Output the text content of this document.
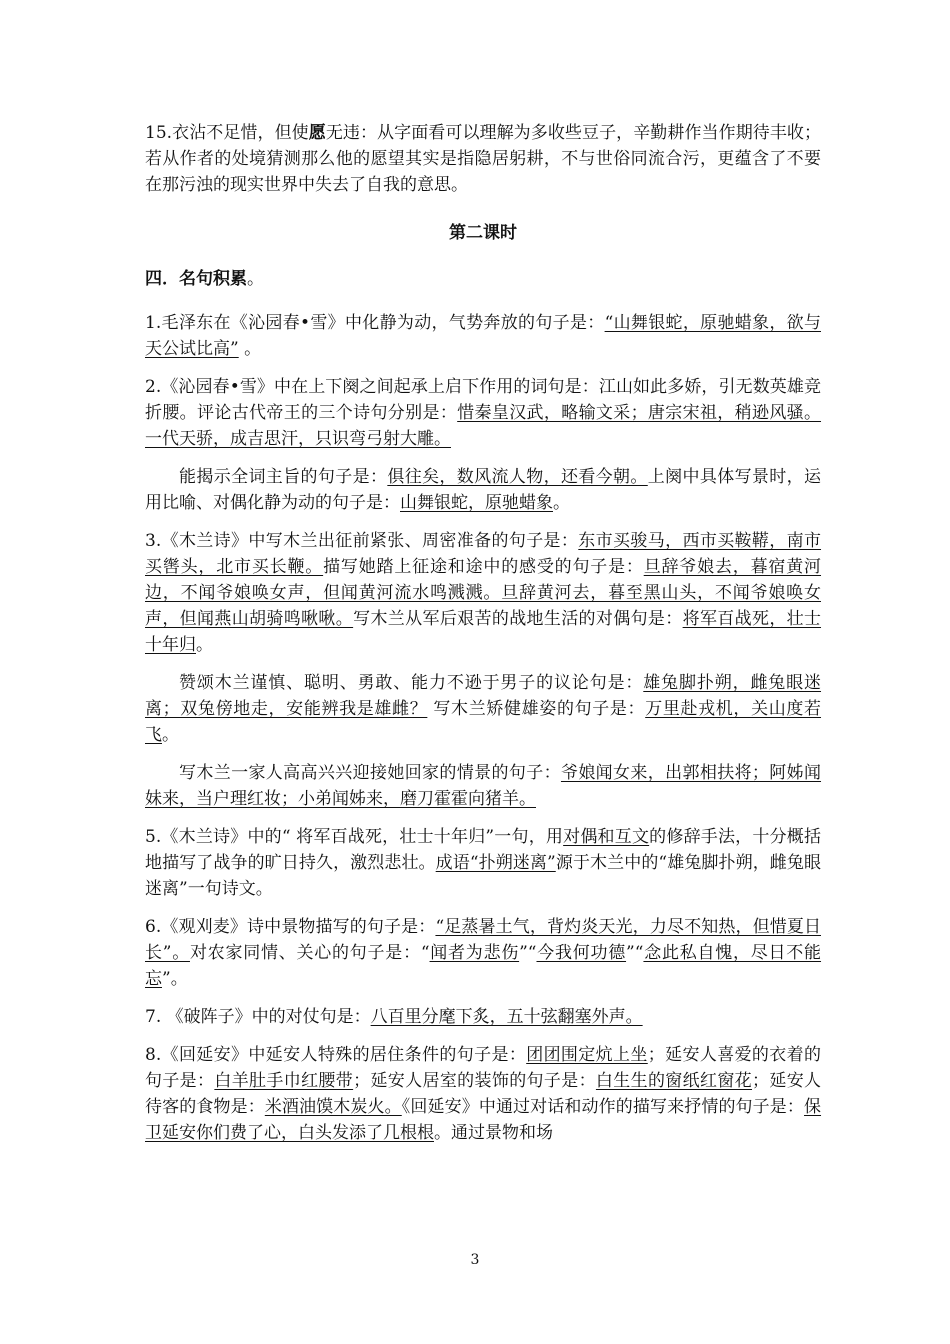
15.衣沾不足惜，但使愿无违：从字面看可以理解为多收些豆子，辛勤耕作当作期待丰收；若从作者的处境猜测那么他的愿望其实是指隐居躬耕，不与世俗同流合污，更蕴含了不要在那污浊的现实世界中失去了自我的意思。

第二课时

四．名句积累。

1.毛泽东在《沁园春•雪》中化静为动，气势奔放的句子是：“山舞银蛇，原驰蜡象，欲与天公试比高” 。

2.《沁园春•雪》中在上下阕之间起承上启下作用的词句是：江山如此多娇，引无数英雄竞折腰。评论古代帝王的三个诗句分别是：惜秦皇汉武，略输文采；唐宗宋祖，稍逊风骚。一代天骄，成吉思汗，只识弯弓射大雕。

能揭示全词主旨的句子是：俱往矣，数风流人物，还看今朝。上阕中具体写景时，运用比喻、对偶化静为动的句子是：山舞银蛇，原驰蜡象。

3.《木兰诗》中写木兰出征前紧张、周密准备的句子是：东市买骏马，西市买鞍鞯，南市买辔头，北市买长鞭。描写她踏上征途和途中的感受的句子是：旦辞爷娘去，暮宿黄河边，不闻爷娘唤女声，但闻黄河流水鸣溅溅。旦辞黄河去，暮至黑山头，不闻爷娘唤女声，但闻燕山胡骑鸣啾啾。写木兰从军后艰苦的战地生活的对偶句是：将军百战死，壮士十年归。

赞颂木兰谨慎、聪明、勇敢、能力不逊于男子的议论句是：雄兔脚扑朔，雌兔眼迷离；双兔傍地走，安能辨我是雄雌？ 写木兰矫健雄姿的句子是：万里赴戎机，关山度若飞。

写木兰一家人高高兴兴迎接她回家的情景的句子：爷娘闻女来，出郭相扶将；阿姊闻妹来，当户理红妆；小弟闻姊来，磨刀霍霍向猪羊。

5.《木兰诗》中的“ 将军百战死，壮士十年归”一句，用对偶和互文的修辞手法，十分概括地描写了战争的旷日持久，激烈悲壮。成语“扑朔迷离”源于木兰中的“雄兔脚扑朔，雌兔眼迷离”一句诗文。

6.《观刈麦》诗中景物描写的句子是：“足蒸暑土气，背灼炎天光，力尽不知热，但惜夏日长”。对农家同情、关心的句子是：“闻者为悲伤”“今我何功德”“念此私自愧，尽日不能忘”。

7. 《破阵子》中的对仗句是：八百里分麾下炙，五十弦翻塞外声。

8.《回延安》中延安人特殊的居住条件的句子是：团团围定炕上坐；延安人喜爱的衣着的句子是：白羊肚手巾红腰带；延安人居室的装饰的句子是：白生生的窗纸红窗花；延安人待客的食物是：米酒油馍木炭火。《回延安》中通过对话和动作的描写来抒情的句子是：保卫延安你们费了心，白头发添了几根根。通过景物和场

3
